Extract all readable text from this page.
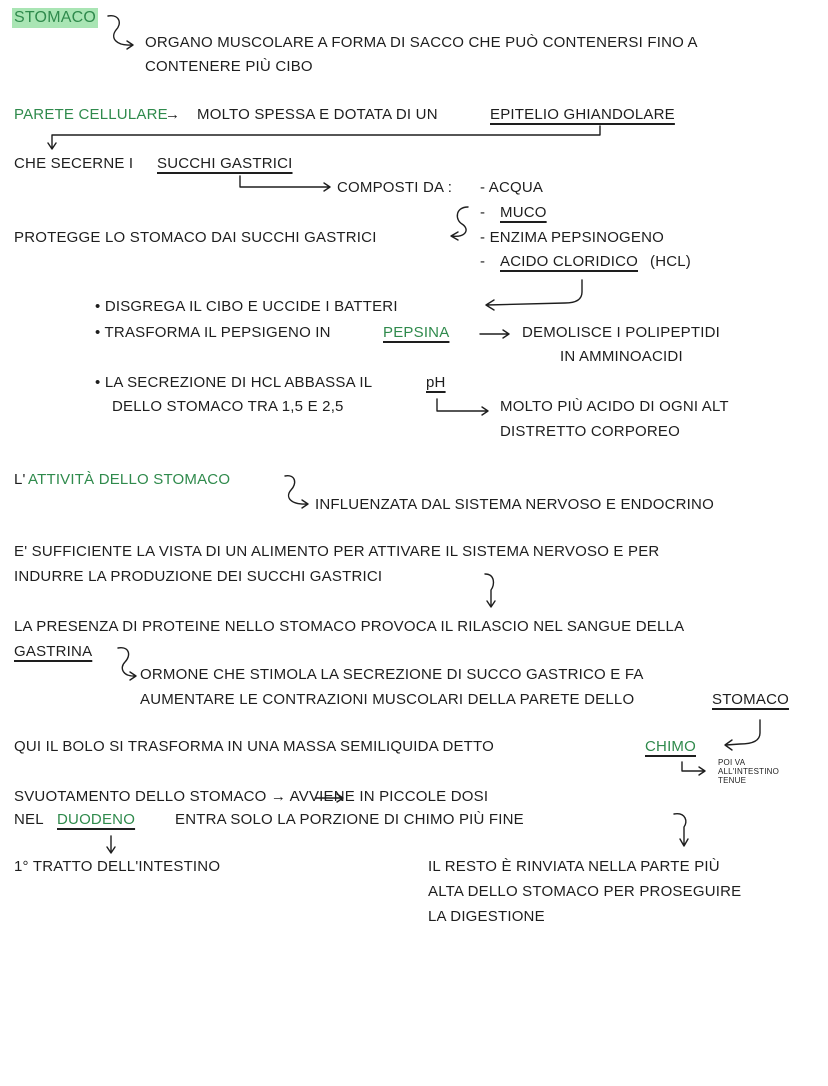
STOMACO
ORGANO MUSCOLARE A FORMA DI SACCO CHE PUÒ CONTENERSI FINO A
CONTENERE PIÙ CIBO
PARETE CELLULARE
→ MOLTO SPESSA E DOTATA DI UN	EPITELIO GHIANDOLARE
CHE SECERNE I SUCCHI GASTRICI
COMPOSTI DA : - ACQUA
- MUCO
PROTEGGE LO STOMACO DAI SUCCHI GASTRICI	- ENZIMA PEPSINOGENO
- ACIDO CLORIDICO (HCL)
• DISGREGA IL CIBO E UCCIDE I BATTERI
• TRASFORMA IL PEPSIGENO IN	PEPSINA	DEMOLISCE I POLIPEPTIDI
IN AMMINOACIDI
• LA SECREZIONE DI HCL ABBASSA IL	pH
DELLO STOMACO TRA 1,5 E 2,5	MOLTO PIÙ ACIDO DI OGNI ALT
DISTRETTO CORPOREO
L' ATTIVITÀ DELLO STOMACO
INFLUENZATA DAL SISTEMA NERVOSO E ENDOCRINO
E' SUFFICIENTE LA VISTA DI UN ALIMENTO PER ATTIVARE IL SISTEMA NERVOSO E PER
INDURRE LA PRODUZIONE DEI SUCCHI GASTRICI
LA PRESENZA DI PROTEINE NELLO STOMACO PROVOCA IL RILASCIO NEL SANGUE DELLA
GASTRINA
ORMONE CHE STIMOLA LA SECREZIONE DI SUCCO GASTRICO E FA
AUMENTARE LE CONTRAZIONI MUSCOLARI DELLA PARETE DELLO	STOMACO
QUI IL BOLO SI TRASFORMA IN UNA MASSA SEMILIQUIDA DETTO	CHIMO
POI VA
ALL'INTESTINO
TENUE
SVUOTAMENTO DELLO STOMACO → AVVIENE IN PICCOLE DOSI
NEL DUODENO	ENTRA SOLO LA PORZIONE DI CHIMO PIÙ FINE
1° TRATTO DELL'INTESTINO	IL RESTO È RINVIATA NELLA PARTE PIÙ
ALTA DELLO STOMACO PER PROSEGUIRE
LA DIGESTIONE
